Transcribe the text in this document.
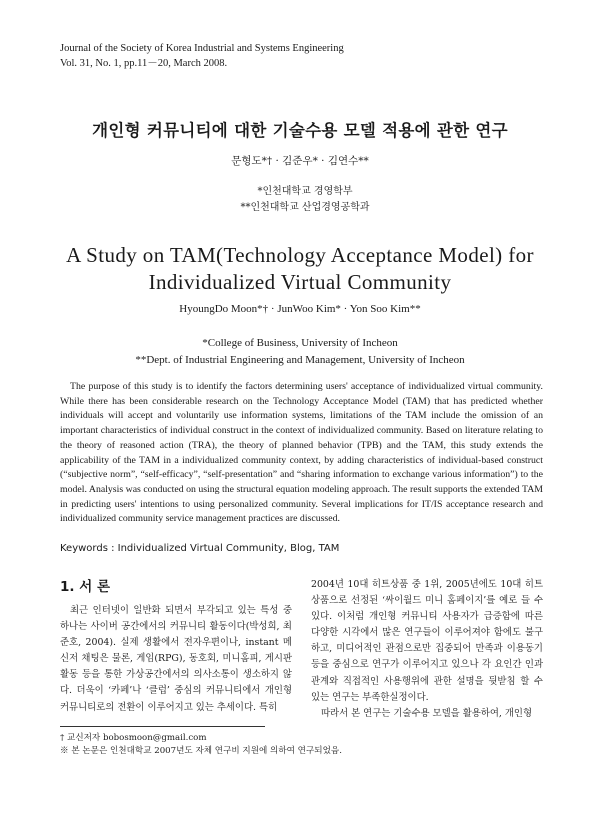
Journal of the Society of Korea Industrial and Systems Engineering
Vol. 31, No. 1, pp.11－20, March 2008.
개인형 커뮤니티에 대한 기술수용 모델 적용에 관한 연구
문형도*† · 김준우* · 김연수**
*인천대학교 경영학부
**인천대학교 산업경영공학과
A Study on TAM(Technology Acceptance Model) for
Individualized Virtual Community
HyoungDo Moon*† · JunWoo Kim* · Yon Soo Kim**
*College of Business, University of Incheon
**Dept. of Industrial Engineering and Management, University of Incheon
The purpose of this study is to identify the factors determining users' acceptance of individualized virtual community. While there has been considerable research on the Technology Acceptance Model (TAM) that has predicted whether individuals will accept and voluntarily use information systems, limitations of the TAM include the omission of an important characteristics of individual construct in the context of individualized community. Based on literature relating to the theory of reasoned action (TRA), the theory of planned behavior (TPB) and the TAM, this study extends the applicability of the TAM in a individualized community context, by adding characteristics of individual-based construct (“subjective norm”, “self-efficacy”, “self-presentation” and “sharing information to exchange various information”) to the model. Analysis was conducted on using the structural equation modeling approach. The result supports the extended TAM in predicting users' intentions to using personalized community. Several implications for IT/IS acceptance research and individualized community service management practices are discussed.
Keywords : Individualized Virtual Community, Blog, TAM
1. 서 론

최근 인터넷이 일반화 되면서 부각되고 있는 특성 중 하나는 사이버 공간에서의 커뮤니티 활동이다(박성희, 최준호, 2004). 실제 생활에서 전자우편이나, instant 메신저 채팅은 물론, 게임(RPG), 동호회, 미니홈피, 게시판 활동 등을 통한 가상공간에서의 의사소통이 생소하지 않다. 더욱이 ‘카페’나 ‘클럽’ 중심의 커뮤니티에서 개인형 커뮤니티로의 전환이 이루어지고 있는 추세이다. 특히

2004년 10대 히트상품 중 1위, 2005년에도 10대 히트상품으로 선정된 ‘싸이월드 미니 홈페이지’를 예로 들 수 있다. 이처럼 개인형 커뮤니티 사용자가 급증함에 따른 다양한 시각에서 많은 연구들이 이루어져야 함에도 불구하고, 미디어적인 관점으로만 집중되어 만족과 이용동기 등을 중심으로 연구가 이루어지고 있으나 각 요인간 인과관계와 직접적인 사용행위에 관한 설명을 뒷받침 할 수 있는 연구는 부족한실정이다.

따라서 본 연구는 기술수용 모델을 활용하여, 개인형

† 교신저자 bobosmoon@gmail.com
※ 본 논문은 인천대학교 2007년도 자체 연구비 지원에 의하여 연구되었음.
